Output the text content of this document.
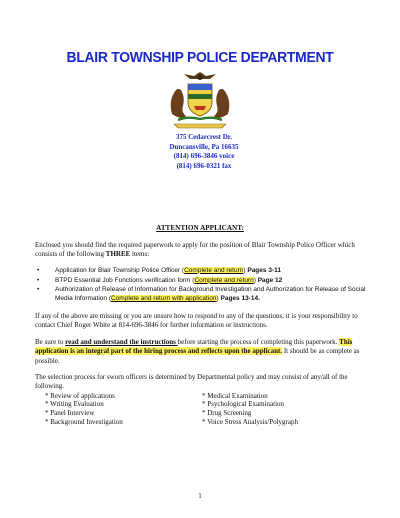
BLAIR TOWNSHIP POLICE DEPARTMENT
375 Cedarcrest Dr.
Duncansville, Pa 16635
(814) 696-3846 voice
(814) 696-0321 fax
ATTENTION APPLICANT:

Enclosed you should find the required paperwork to apply for the position of Blair Township Police Officer which consists of the following THREE items:

• Application for Blair Township Police Officer (Complete and return) Pages 3-11
• BTPD Essential Job Functions verification form (Complete and return) Page 12
• Authorization of Release of Information for Background Investigation and Authorization for Release of Social Media Information (Complete and return with application) Pages 13-14.

If any of the above are missing or you are unsure how to respond to any of the questions, it is your responsibility to contact Chief Roger White at 814-696-3846 for further information or instructions.

Be sure to read and understand the instructions before starting the process of completing this paperwork. This application is an integral part of the hiring process and reflects upon the applicant. It should be as complete as possible.

The selection process for sworn officers is determined by Departmental policy and may consist of any/all of the following.

* Review of applications	* Medical Examination
* Writing Evaluation	* Psychological Examination
* Panel Interview	* Drug Screening
* Background Investigation	* Voice Stress Analysis/Polygraph
1
